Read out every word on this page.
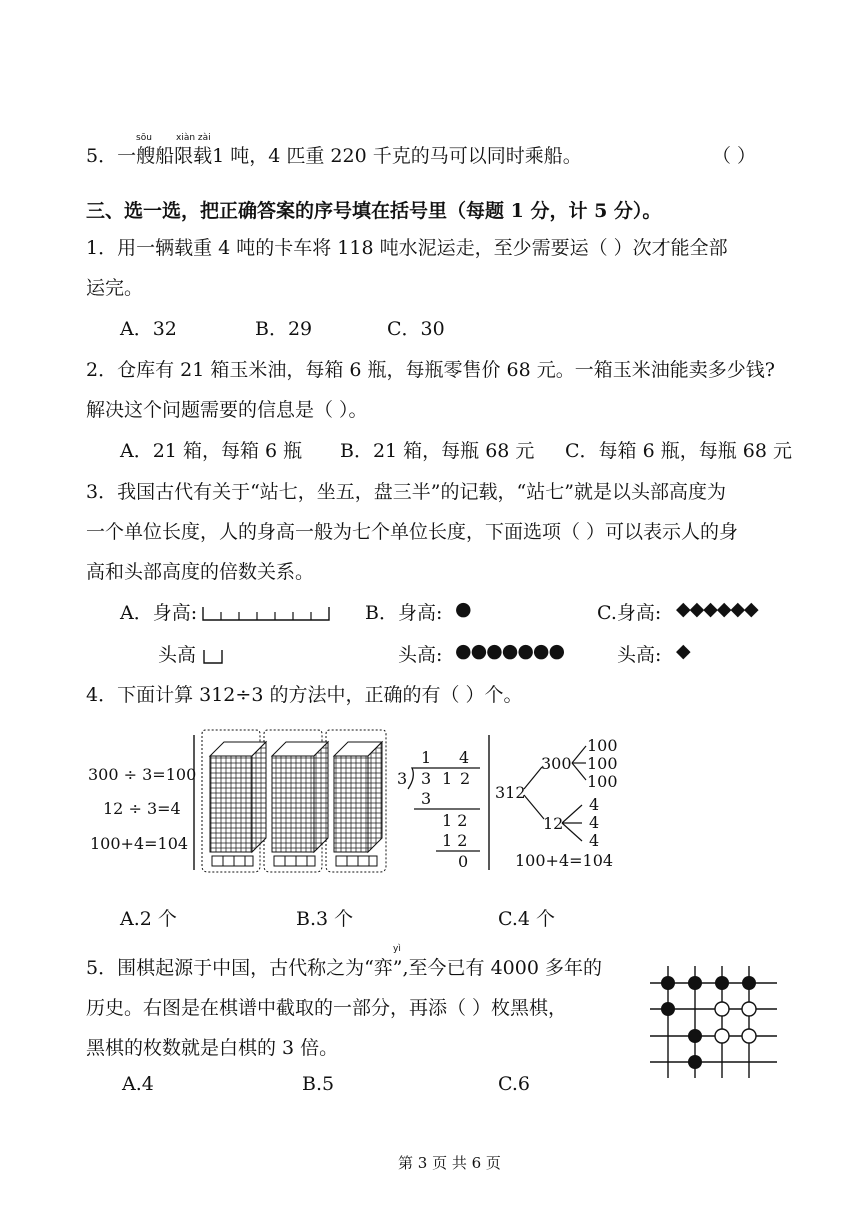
sōu	xiàn zài
5．一艘船限载1 吨，4 匹重 220 千克的马可以同时乘船。	（ ）
三、选一选，把正确答案的序号填在括号里（每题 1 分，计 5 分）。
1．用一辆载重 4 吨的卡车将 118 吨水泥运走，至少需要运（ ）次才能全部
运完。
A．32	B．29	C．30
2．仓库有 21 箱玉米油，每箱 6 瓶，每瓶零售价 68 元。一箱玉米油能卖多少钱?
解决这个问题需要的信息是（ ）。
A．21 箱，每箱 6 瓶 B．21 箱，每瓶 68 元 C．每箱 6 瓶，每瓶 68 元
3．我国古代有关于“站七，坐五，盘三半”的记载，“站七”就是以头部高度为
一个单位长度，人的身高一般为七个单位长度，下面选项（ ）可以表示人的身
高和头部高度的倍数关系。
A．身高:
头高
B．身高: ●
头高: ●●●●●●●
C.身高: ◆◆◆◆◆◆
头高: ◆
4．下面计算 312÷3 的方法中，正确的有（ ）个。
300 ÷ 3=100
12 ÷ 3=4
100+4=104
1 4
3 3 1 2
3
1 2
1 2
0
312
300
100
100
100
12
4
4
4
100+4=104
A.2 个	B.3 个	C.4 个
yì
5．围棋起源于中国，古代称之为“弈”,至今已有 4000 多年的
历史。右图是在棋谱中截取的一部分，再添（ ）枚黑棋，
黑棋的枚数就是白棋的 3 倍。
A.4	B.5	C.6
第 3 页 共 6 页
